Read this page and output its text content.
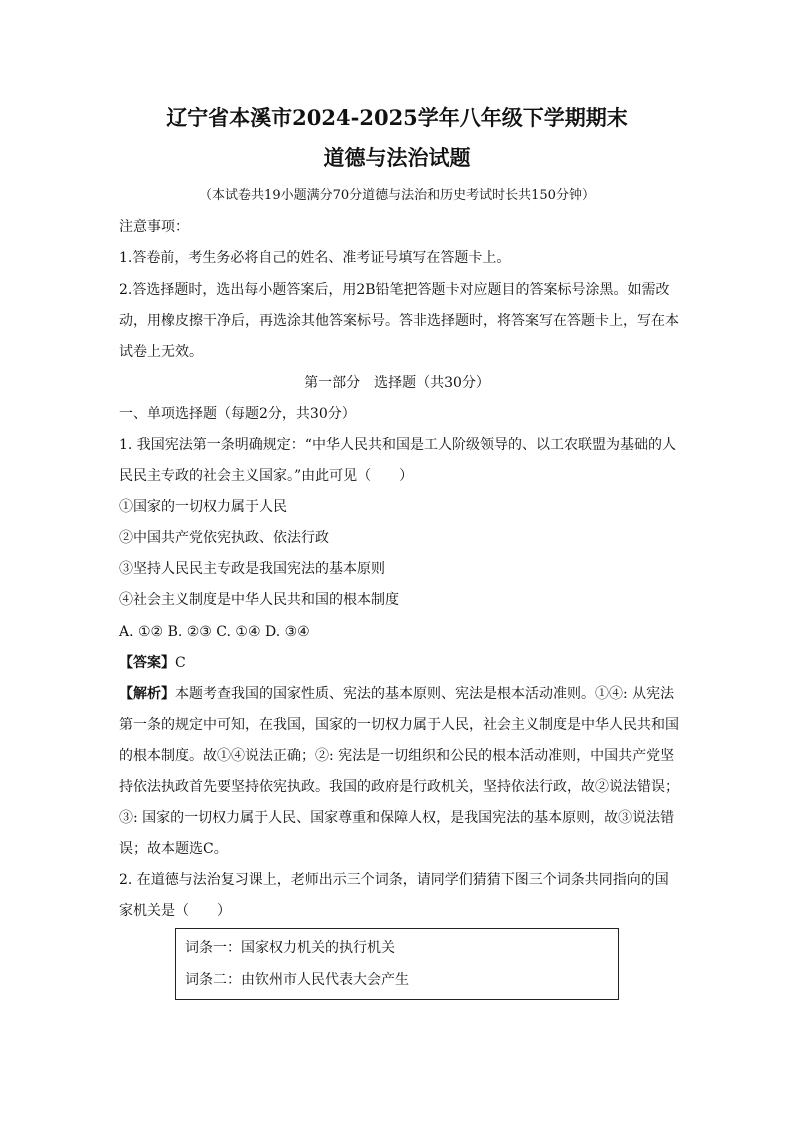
辽宁省本溪市2024-2025学年八年级下学期期末
道德与法治试题
（本试卷共19小题满分70分道德与法治和历史考试时长共150分钟）
注意事项：
1.答卷前，考生务必将自己的姓名、准考证号填写在答题卡上。
2.答选择题时，选出每小题答案后，用2B铅笔把答题卡对应题目的答案标号涂黑。如需改
动，用橡皮擦干净后，再选涂其他答案标号。答非选择题时，将答案写在答题卡上，写在本
试卷上无效。
第一部分　选择题（共30分）
一、单项选择题（每题2分，共30分）
1. 我国宪法第一条明确规定：“中华人民共和国是工人阶级领导的、以工农联盟为基础的人
民民主专政的社会主义国家。”由此可见（　　）
①国家的一切权力属于人民
②中国共产党依宪执政、依法行政
③坚持人民民主专政是我国宪法的基本原则
④社会主义制度是中华人民共和国的根本制度
A. ①② B. ②③ C. ①④ D. ③④
【答案】C
【解析】本题考查我国的国家性质、宪法的基本原则、宪法是根本活动准则。①④: 从宪法
第一条的规定中可知，在我国，国家的一切权力属于人民，社会主义制度是中华人民共和国
的根本制度。故①④说法正确；②: 宪法是一切组织和公民的根本活动准则，中国共产党坚
持依法执政首先要坚持依宪执政。我国的政府是行政机关，坚持依法行政，故②说法错误；
③: 国家的一切权力属于人民、国家尊重和保障人权，是我国宪法的基本原则，故③说法错
误；故本题选C。
2. 在道德与法治复习课上，老师出示三个词条，请同学们猜猜下图三个词条共同指向的国
家机关是（　　）
词条一：国家权力机关的执行机关
词条二：由钦州市人民代表大会产生
